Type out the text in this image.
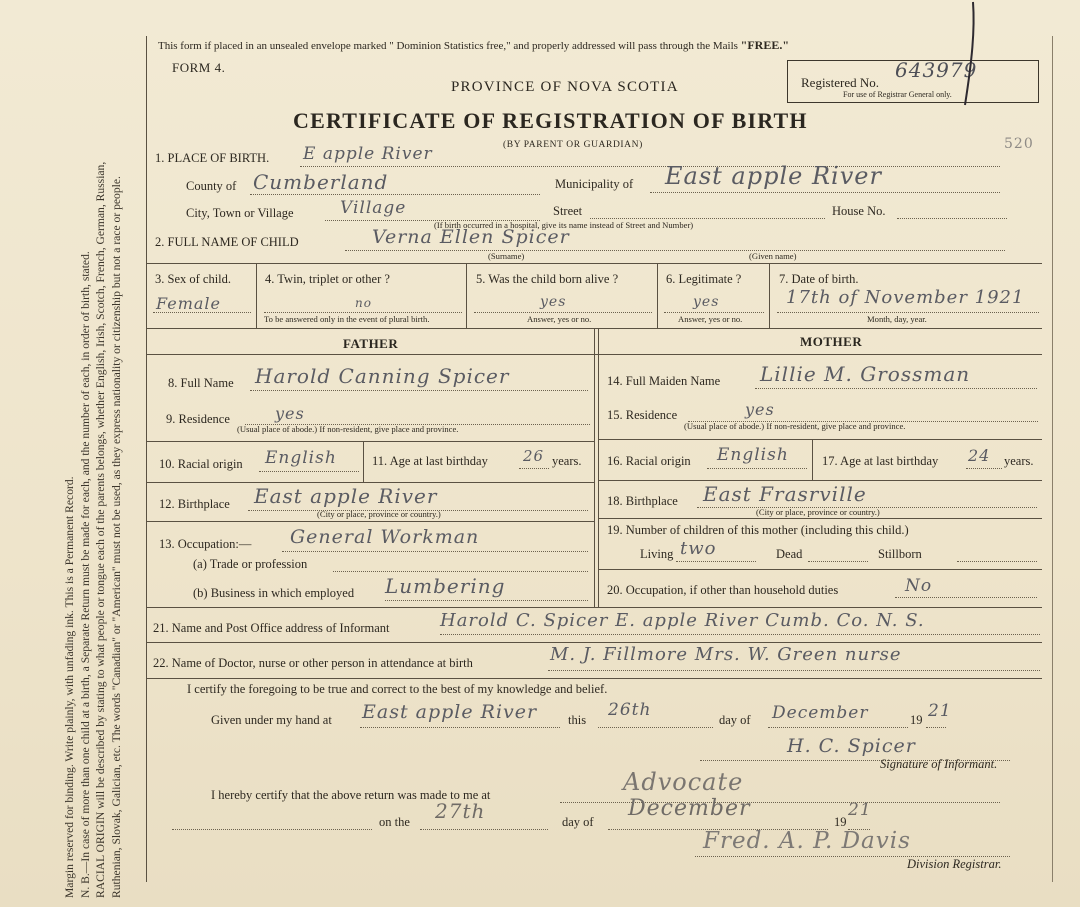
Margin reserved for binding. Write plainly, with unfading ink. This is a Permanent Record. N. B.—In case of more than one child at a birth, a Separate Return must be made for each, and the number of each, in order of birth, stated. RACIAL ORIGIN will be described by stating to what people or tongue each of the parents belongs, whether English, Irish, Scotch, French, German, Russian, Ruthenian, Slovak, Galician, etc. The words "Canadian" or "American" must not be used, as they express nationality or citizenship but not a race or people.
This form if placed in an unsealed envelope marked " Dominion Statistics free," and properly addressed will pass through the Mails "FREE."
FORM 4.
PROVINCE OF NOVA SCOTIA
CERTIFICATE OF REGISTRATION OF BIRTH
(BY PARENT OR GUARDIAN)
Registered No.
643979
For use of Registrar General only.
520
1. PLACE OF BIRTH. E apple River
County of Cumberland	Municipality of East apple River
City, Town or Village	Village	Street	House No.
(If birth occurred in a hospital, give its name instead of Street and Number)
2. FULL NAME OF CHILD	Verna Ellen Spicer
(Surname)	(Given name)
3. Sex of child.
Female
4. Twin, triplet or other ?
no
To be answered only in the event of plural birth.
5. Was the child born alive ?
yes
Answer, yes or no.
6. Legitimate ?
yes
Answer, yes or no.
7. Date of birth.
17th of November 1921
Month, day, year.
FATHER	MOTHER
8. Full Name Harold Canning Spicer
9. Residence	yes
(Usual place of abode.) If non-resident, give place and province.
10. Racial origin English	11. Age at last birthday 26 years.
12. Birthplace East apple River
(City or place, province or country.)
13. Occupation:— General Workman
(a) Trade or profession
(b) Business in which employed Lumbering
14. Full Maiden Name Lillie M. Grossman
15. Residence	yes
(Usual place of abode.) If non-resident, give place and province.
16. Racial origin English	17. Age at last birthday 24 years.
18. Birthplace East Frasrville
(City or place, province or country.)
19. Number of children of this mother (including this child.)
Living two	Dead	Stillborn
20. Occupation, if other than household duties	No
21. Name and Post Office address of Informant	Harold C. Spicer E. apple River Cumb. Co. N. S.
22. Name of Doctor, nurse or other person in attendance at birth	M. J. Fillmore Mrs. W. Green nurse
I certify the foregoing to be true and correct to the best of my knowledge and belief.
Given under my hand at East apple River this 26th	day of December	19 21
H. C. Spicer
Signature of Informant.
I hereby certify that the above return was made to me at	Advocate
on the 27th	day of
December
19
21
Fred. A. P. Davis
Division Registrar.
